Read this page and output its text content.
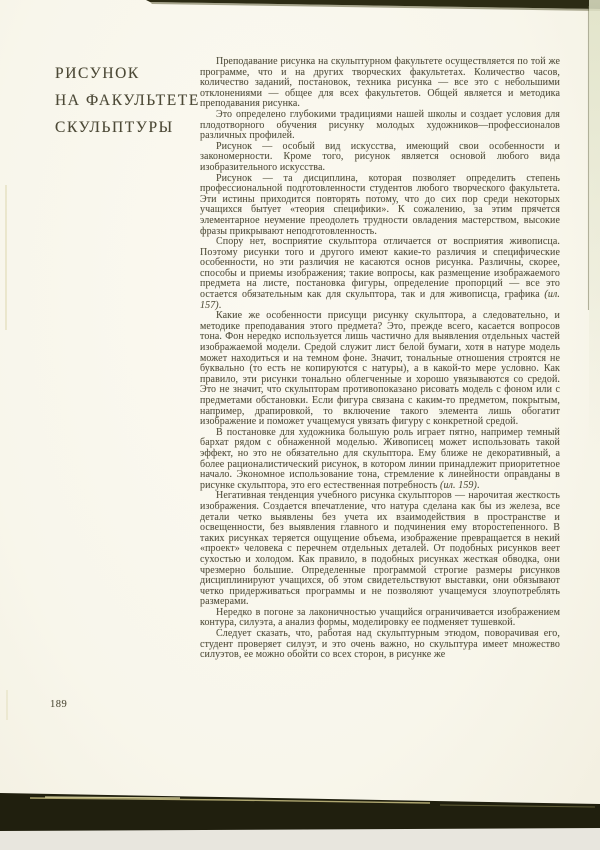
РИСУНОК
НА ФАКУЛЬТЕТЕ
СКУЛЬПТУРЫ

Преподавание рисунка на скульптурном факультете осуществляется по той же программе, что и на других творческих факультетах. Количество часов, количество заданий, постановок, техника рисунка — все это с небольшими отклонениями — общее для всех факультетов. Общей является и методика преподавания рисунка.

Это определено глубокими традициями нашей школы и создает условия для плодотворного обучения рисунку молодых художников—профессионалов различных профилей.

Рисунок — особый вид искусства, имеющий свои особенности и закономерности. Кроме того, рисунок является основой любого вида изобразительного искусства.

Рисунок — та дисциплина, которая позволяет определить степень профессиональной подготовленности студентов любого творческого факультета. Эти истины приходится повторять потому, что до сих пор среди некоторых учащихся бытует «теория специфики». К сожалению, за этим прячется элементарное неумение преодолеть трудности овладения мастерством, высокие фразы прикрывают неподготовленность.

Спору нет, восприятие скульптора отличается от восприятия живописца. Поэтому рисунки того и другого имеют какие-то различия и специфические особенности, но эти различия не касаются основ рисунка. Различны, скорее, способы и приемы изображения; такие вопросы, как размещение изображаемого предмета на листе, постановка фигуры, определение пропорций — все это остается обязательным как для скульптора, так и для живописца, графика (ил. 157).

Какие же особенности присущи рисунку скульптора, а следовательно, и методике преподавания этого предмета? Это, прежде всего, касается вопросов тона. Фон нередко используется лишь частично для выявления отдельных частей изображаемой модели. Средой служит лист белой бумаги, хотя в натуре модель может находиться и на темном фоне. Значит, тональные отношения строятся не буквально (то есть не копируются с натуры), а в какой-то мере условно. Как правило, эти рисунки тонально облегченные и хорошо увязываются со средой. Это не значит, что скульпторам противопоказано рисовать модель с фоном или с предметами обстановки. Если фигура связана с каким-то предметом, покрытым, например, драпировкой, то включение такого элемента лишь обогатит изображение и поможет учащемуся увязать фигуру с конкретной средой.

В постановке для художника большую роль играет пятно, например темный бархат рядом с обнаженной моделью. Живописец может использовать такой эффект, но это не обязательно для скульптора. Ему ближе не декоративный, а более рационалистический рисунок, в котором линии принадлежит приоритетное начало. Экономное использование тона, стремление к линейности оправданы в рисунке скульптора, это его естественная потребность (ил. 159).

Негативная тенденция учебного рисунка скульпторов — нарочитая жесткость изображения. Создается впечатление, что натура сделана как бы из железа, все детали четко выявлены без учета их взаимодействия в пространстве и освещенности, без выявления главного и подчинения ему второстепенного. В таких рисунках теряется ощущение объема, изображение превращается в некий «проект» человека с перечнем отдельных деталей. От подобных рисунков веет сухостью и холодом. Как правило, в подобных рисунках жесткая обводка, они чрезмерно большие. Определенные программой строгие размеры рисунков дисциплинируют учащихся, об этом свидетельствуют выставки, они обязывают четко придерживаться программы и не позволяют учащемуся злоупотреблять размерами.

Нередко в погоне за лаконичностью учащийся ограничивается изображением контура, силуэта, а анализ формы, моделировку ее подменяет тушевкой.

Следует сказать, что, работая над скульптурным этюдом, поворачивая его, студент проверяет силуэт, и это очень важно, но скульптура имеет множество силуэтов, ее можно обойти со всех сторон, в рисунке же

189
